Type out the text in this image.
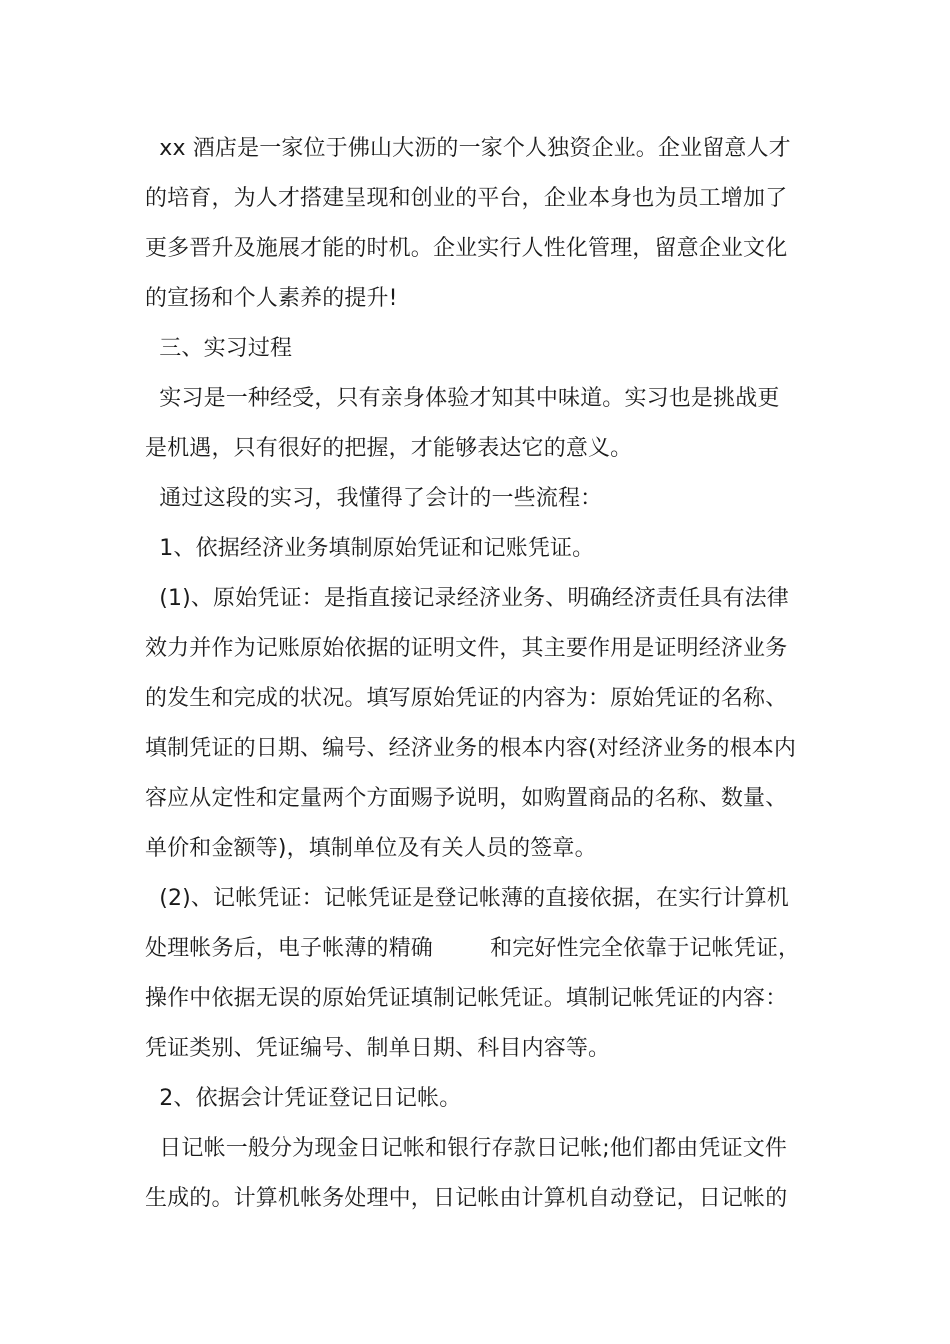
xx 酒店是一家位于佛山大沥的一家个人独资企业。企业留意人才
的培育，为人才搭建呈现和创业的平台，企业本身也为员工增加了
更多晋升及施展才能的时机。企业实行人性化管理，留意企业文化
的宣扬和个人素养的提升!
三、实习过程
实习是一种经受，只有亲身体验才知其中味道。实习也是挑战更
是机遇，只有很好的把握，才能够表达它的意义。
通过这段的实习，我懂得了会计的一些流程：
1、依据经济业务填制原始凭证和记账凭证。
(1)、原始凭证：是指直接记录经济业务、明确经济责任具有法律
效力并作为记账原始依据的证明文件，其主要作用是证明经济业务
的发生和完成的状况。填写原始凭证的内容为：原始凭证的名称、
填制凭证的日期、编号、经济业务的根本内容(对经济业务的根本内
容应从定性和定量两个方面赐予说明，如购置商品的名称、数量、
单价和金额等)，填制单位及有关人员的签章。
(2)、记帐凭证：记帐凭证是登记帐薄的直接依据，在实行计算机
处理帐务后，电子帐薄的精确        和完好性完全依靠于记帐凭证，
操作中依据无误的原始凭证填制记帐凭证。填制记帐凭证的内容：
凭证类别、凭证编号、制单日期、科目内容等。
2、依据会计凭证登记日记帐。
日记帐一般分为现金日记帐和银行存款日记帐;他们都由凭证文件
生成的。计算机帐务处理中，日记帐由计算机自动登记，日记帐的
